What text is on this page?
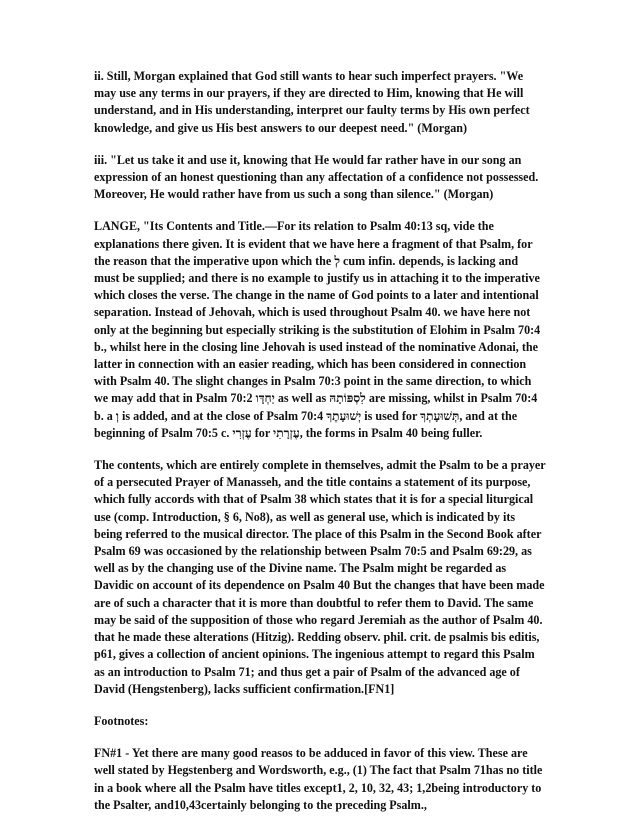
ii. Still, Morgan explained that God still wants to hear such imperfect prayers. "We may use any terms in our prayers, if they are directed to Him, knowing that He will understand, and in His understanding, interpret our faulty terms by His own perfect knowledge, and give us His best answers to our deepest need." (Morgan)

iii. "Let us take it and use it, knowing that He would far rather have in our song an expression of an honest questioning than any affectation of a confidence not possessed. Moreover, He would rather have from us such a song than silence." (Morgan)

LANGE, "Its Contents and Title.—For its relation to Psalm 40:13 sq, vide the explanations there given. It is evident that we have here a fragment of that Psalm, for the reason that the imperative upon which the לְ cum infin. depends, is lacking and must be supplied; and there is no example to justify us in attaching it to the imperative which closes the verse. The change in the name of God points to a later and intentional separation. Instead of Jehovah, which is used throughout Psalm 40. we have here not only at the beginning but especially striking is the substitution of Elohim in Psalm 70:4 b., whilst here in the closing line Jehovah is used instead of the nominative Adonai, the latter in connection with an easier reading, which has been considered in connection with Psalm 40. The slight changes in Psalm 70:3 point in the same direction, to which we may add that in Psalm 70:2 יַחְדָּו as well as לִסְפּוֹתָהּ are missing, whilst in Psalm 70:4 b. a וְ is added, and at the close of Psalm 70:4 יְשׁוּעָתֶךָ is used for תְּשׁוּעָתְךָ, and at the beginning of Psalm 70:5 c. עֶזְרִי for עֶזְרָתִי, the forms in Psalm 40 being fuller.

The contents, which are entirely complete in themselves, admit the Psalm to be a prayer of a persecuted Prayer of Manasseh, and the title contains a statement of its purpose, which fully accords with that of Psalm 38 which states that it is for a special liturgical use (comp. Introduction, § 6, No8), as well as general use, which is indicated by its being referred to the musical director. The place of this Psalm in the Second Book after Psalm 69 was occasioned by the relationship between Psalm 70:5 and Psalm 69:29, as well as by the changing use of the Divine name. The Psalm might be regarded as Davidic on account of its dependence on Psalm 40 But the changes that have been made are of such a character that it is more than doubtful to refer them to David. The same may be said of the supposition of those who regard Jeremiah as the author of Psalm 40. that he made these alterations (Hitzig). Redding observ. phil. crit. de psalmis bis editis, p61, gives a collection of ancient opinions. The ingenious attempt to regard this Psalm as an introduction to Psalm 71; and thus get a pair of Psalm of the advanced age of David (Hengstenberg), lacks sufficient confirmation.[FN1]

Footnotes:

FN#1 - Yet there are many good reasos to be adduced in favor of this view. These are well stated by Hegstenberg and Wordsworth, e.g., (1) The fact that Psalm 71has no title in a book where all the Psalm have titles except1, 2, 10, 32, 43; 1,2being introductory to the Psalter, and10,43certainly belonging to the preceding Psalm.,
